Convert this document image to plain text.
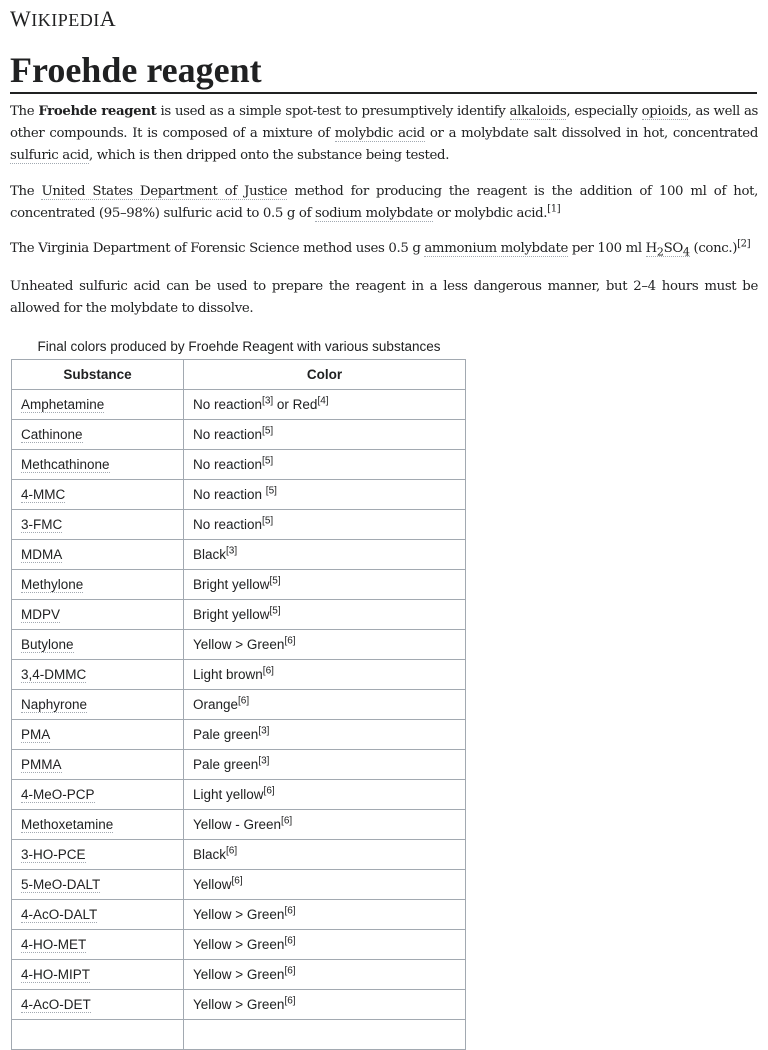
WIKIPEDIA
Froehde reagent

The Froehde reagent is used as a simple spot-test to presumptively identify alkaloids, especially opioids, as well as other compounds. It is composed of a mixture of molybdic acid or a molybdate salt dissolved in hot, concentrated sulfuric acid, which is then dripped onto the substance being tested.

The United States Department of Justice method for producing the reagent is the addition of 100 ml of hot, concentrated (95–98%) sulfuric acid to 0.5 g of sodium molybdate or molybdic acid.[1]

The Virginia Department of Forensic Science method uses 0.5 g ammonium molybdate per 100 ml $H_2SO_4$ (conc.)[2]

Unheated sulfuric acid can be used to prepare the reagent in a less dangerous manner, but 2–4 hours must be allowed for the molybdate to dissolve.

Final colors produced by Froehde Reagent with various substances
Substance	Color
Amphetamine	No reaction[3] or Red[4]
Cathinone	No reaction[5]
Methcathinone	No reaction[5]
4-MMC	No reaction [5]
3-FMC	No reaction[5]
MDMA	Black[3]
Methylone	Bright yellow[5]
MDPV	Bright yellow[5]
Butylone	Yellow > Green[6]
3,4-DMMC	Light brown[6]
Naphyrone	Orange[6]
PMA	Pale green[3]
PMMA	Pale green[3]
4-MeO-PCP	Light yellow[6]
Methoxetamine	Yellow - Green[6]
3-HO-PCE	Black[6]
5-MeO-DALT	Yellow[6]
4-AcO-DALT	Yellow > Green[6]
4-HO-MET	Yellow > Green[6]
4-HO-MIPT	Yellow > Green[6]
4-AcO-DET	Yellow > Green[6]
